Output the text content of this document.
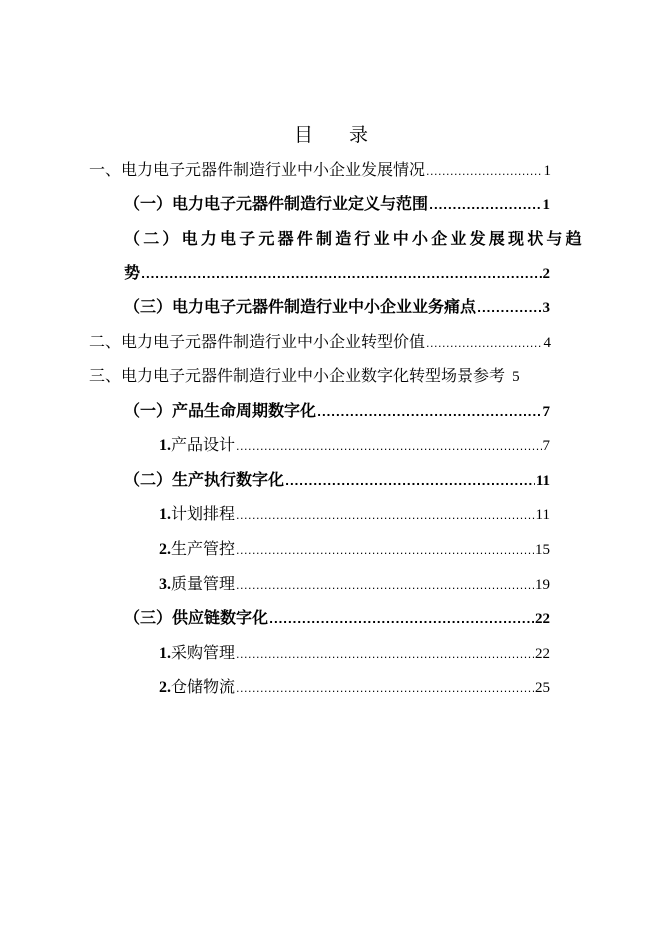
目 录
一、电力电子元器件制造行业中小企业发展情况 .....	1
（一）电力电子元器件制造行业定义与范围 .....	1
（二）电力电子元器件制造行业中小企业发展现状与趋
势 .....	2
（三）电力电子元器件制造行业中小企业业务痛点 .....	3
二、电力电子元器件制造行业中小企业转型价值 .....	4
三、电力电子元器件制造行业中小企业数字化转型场景参考 5
（一）产品生命周期数字化 .....	7
1.产品设计 .....	7
（二）生产执行数字化 .....	11
1.计划排程 .....	11
2.生产管控 .....	15
3.质量管理 .....	19
（三）供应链数字化 .....	22
1.采购管理 .....	22
2.仓储物流 .....	25
